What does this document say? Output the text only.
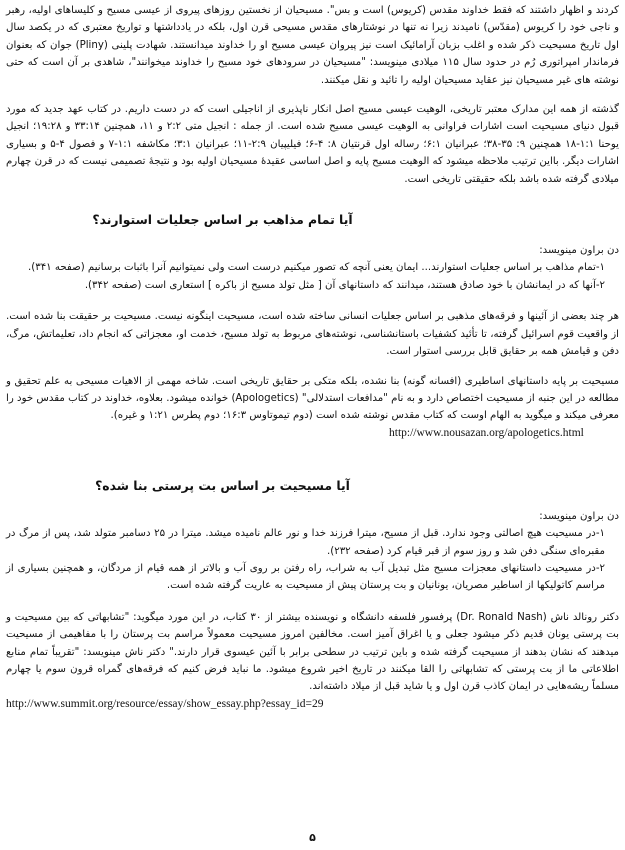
کردند و اظهار داشتند که فقط خداوند مقدس (کریوس) است و بس". مسیحیان از نخستین روزهای پیروی از عیسی مسیح و کلیساهای اولیه، رهبر و ناجی خود را کریوس (مقدّس) نامیدند زیرا نه تنها در نوشتارهای مقدس مسیحی قرن اول، بلکه در یادداشتها و تواریخ معتبری که در یکصد سال اول تاریخ مسیحیت ذکر شده و اغلب بزبان آرامائیک است نیز پیروان عیسی مسیح او را خداوند میدانستند. شهادت پلینی (Pliny) جوان که بعنوان فرماندار امپراتوری رُم در حدود سال ۱۱۵ میلادی مینویسد: "مسیحیان در سرودهای خود مسیح را خداوند میخوانند"، شاهدی بر آن است که حتی نوشته های غیر مسیحیان نیز عقاید مسیحیان اولیه را تائید و نقل میکنند.

گذشته از همه این مدارک معتبر تاریخی، الوهیت عیسی مسیح اصل انکار ناپذیری از اناجیلی است که در دست داریم. در کتاب عهد جدید که مورد قبول دنیای مسیحیت است اشارات فراوانی به الوهیت عیسی مسیح شده است. از جمله : انجیل متی ۲:۲ و ۱۱، همچنین ۳۳:۱۴ و ۱۹:۲۸؛ انجیل یوحنا ۱:۱-۱۸ همچنین ۹: ۳۵-۳۸؛ عبرانیان ۶:۱؛ رساله اول قرنتیان ۸: ۴-۶؛ فیلیپیان ۲:۹-۱۱؛ عبرانیان ۳:۱؛ مکاشفه ۱:۱-۷ و فصول ۴-۵ و بسیاری اشارات دیگر. بااین ترتیب ملاحظه میشود که الوهیت مسیح پایه و اصل اساسی عقیدهٔ مسیحیان اولیه بود و نتیجهٔ تصمیمی نیست که در قرن چهارم میلادی گرفته شده باشد بلکه حقیقتی تاریخی است.

آیا تمام مذاهب بر اساس جعلیات استوارند؟

دن براون مینویسد:

۱-تمام مذاهب بر اساس جعلیات استوارند... ایمان یعنی آنچه که تصور میکنیم درست است ولی نمیتوانیم آنرا باثبات برسانیم (صفحه ۳۴۱).

۲-آنها که در ایمانشان با خود صادق هستند، میدانند که داستانهای آن [ مثل تولد مسیح از باکره ] استعاری است (صفحه ۳۴۲).

هر چند بعضی از آئینها و فرقه‌های مذهبی بر اساس جعلیات انسانی ساخته شده است، مسیحیت اینگونه نیست. مسیحیت بر حقیقت بنا شده است. از واقعیت قوم اسرائیل گرفته، تا تأئید کشفیات باستانشناسی، نوشته‌های مربوط به تولد مسیح، خدمت او، معجزاتی که انجام داد، تعلیماتش، مرگ، دفن و قیامش همه بر حقایق قابل بررسی استوار است.

مسیحیت بر پایه داستانهای اساطیری (افسانه گونه) بنا نشده، بلکه متکی بر حقایق تاریخی است. شاخه مهمی از الاهیات مسیحی به علم تحقیق و مطالعه در این جنبه از مسیحیت اختصاص دارد و به نام "مدافعات استدلالی" (Apologetics) خوانده میشود. بعلاوه، خداوند در کتاب مقدس خود را معرفی میکند و میگوید به الهام اوست که کتاب مقدس نوشته شده است (دوم تیموتاوس ۱۶:۳؛ دوم پطرس ۱:۲۱ و غیره).

http://www.nousazan.org/apologetics.html

آیا مسیحیت بر اساس بت پرستی بنا شده؟

دن براون مینویسد:

۱-در مسیحیت هیچ اصالتی وجود ندارد. قبل از مسیح، میترا فرزند خدا و نور عالم نامیده میشد. میترا در ۲۵ دسامبر متولد شد، پس از مرگ در مقبره‌ای سنگی دفن شد و روز سوم از قبر قیام کرد (صفحه ۲۳۲).

۲-در مسیحیت داستانهای معجزات مسیح مثل تبدیل آب به شراب، راه رفتن بر روی آب و بالاتر از همه قیام از مردگان، و همچنین بسیاری از مراسم کاتولیکها از اساطیر مصریان، یونانیان و بت پرستان پیش از مسیحیت به عاریت گرفته شده است.

دکتر رونالد ناش (Dr. Ronald Nash) پرفسور فلسفه دانشگاه و نویسنده بیشتر از ۳۰ کتاب، در این مورد میگوید: "تشابهاتی که بین مسیحیت و بت پرستی یونان قدیم ذکر میشود جعلی و یا اغراق آمیز است. مخالفین امروز مسیحیت معمولاً مراسم بت پرستان را با مفاهیمی از مسیحیت میدهند که نشان بدهند از مسیحیت گرفته شده و باین ترتیب در سطحی برابر با آئین عیسوی قرار دارند." دکتر ناش مینویسد: "تقریباً تمام منابع اطلاعاتی ما از بت پرستی که تشابهاتی را القا میکنند در تاریخ اخیر شروع میشود. ما نباید فرض کنیم که فرقه‌های گمراه قرون سوم یا چهارم مسلماً ریشه‌هایی در ایمان کاذب قرن اول و یا شاید قبل از میلاد داشته‌اند.

http://www.summit.org/resource/essay/show_essay.php?essay_id=29

۵
